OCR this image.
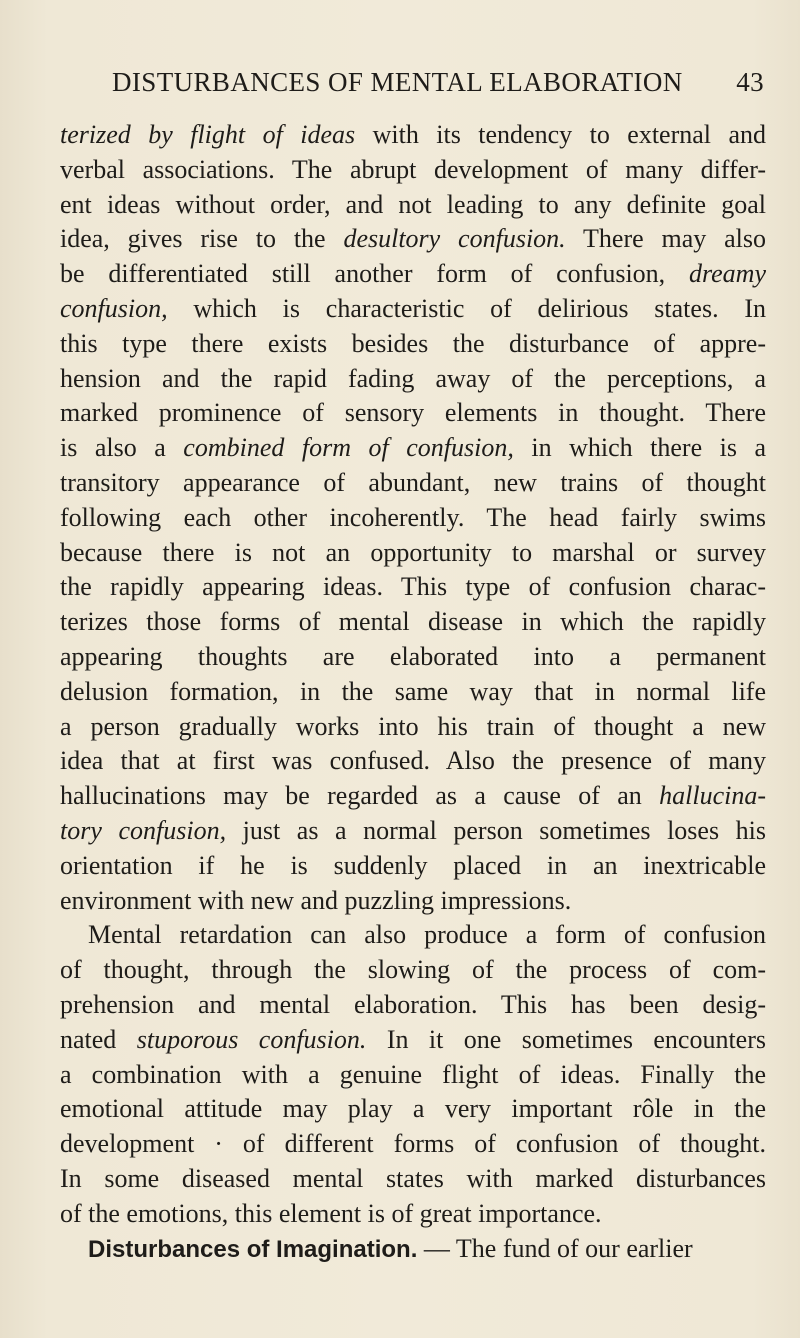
DISTURBANCES OF MENTAL ELABORATION 43
terized by flight of ideas with its tendency to external and
verbal associations. The abrupt development of many differ-
ent ideas without order, and not leading to any definite goal
idea, gives rise to the desultory confusion. There may also
be differentiated still another form of confusion, dreamy
confusion, which is characteristic of delirious states. In
this type there exists besides the disturbance of appre-
hension and the rapid fading away of the perceptions, a
marked prominence of sensory elements in thought. There
is also a combined form of confusion, in which there is a
transitory appearance of abundant, new trains of thought
following each other incoherently. The head fairly swims
because there is not an opportunity to marshal or survey
the rapidly appearing ideas. This type of confusion charac-
terizes those forms of mental disease in which the rapidly
appearing thoughts are elaborated into a permanent
delusion formation, in the same way that in normal life
a person gradually works into his train of thought a new
idea that at first was confused. Also the presence of many
hallucinations may be regarded as a cause of an hallucina-
tory confusion, just as a normal person sometimes loses his
orientation if he is suddenly placed in an inextricable
environment with new and puzzling impressions.
Mental retardation can also produce a form of confusion
of thought, through the slowing of the process of com-
prehension and mental elaboration. This has been desig-
nated stuporous confusion. In it one sometimes encounters
a combination with a genuine flight of ideas. Finally the
emotional attitude may play a very important rôle in the
development · of different forms of confusion of thought.
In some diseased mental states with marked disturbances
of the emotions, this element is of great importance.
Disturbances of Imagination. — The fund of our earlier
